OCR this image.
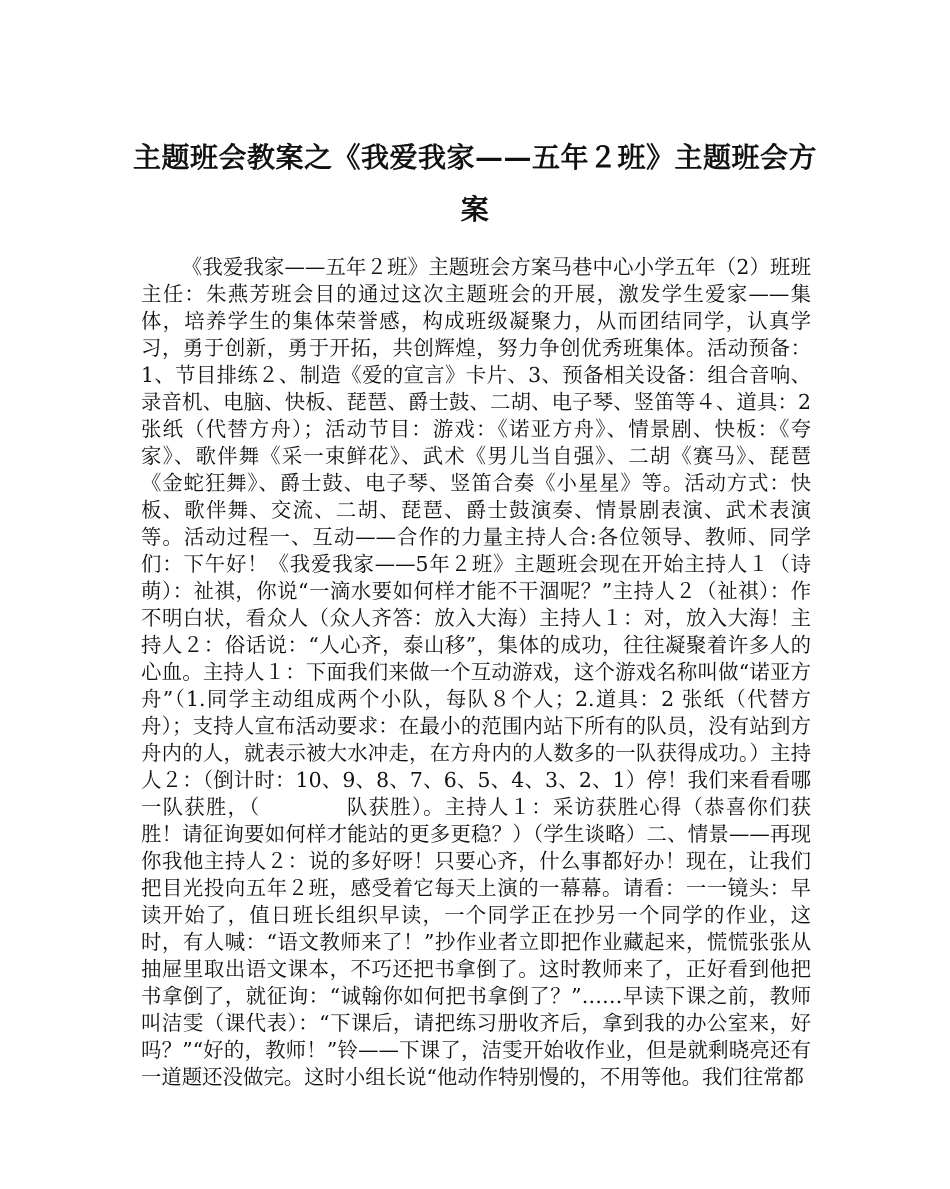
主题班会教案之《我爱我家——五年２班》主题班会方案

《我爱我家——五年２班》主题班会方案马巷中心小学五年（2）班班主任：朱燕芳班会目的通过这次主题班会的开展，激发学生爱家——集体，培养学生的集体荣誉感，构成班级凝聚力，从而团结同学，认真学习，勇于创新，勇于开拓，共创辉煌，努力争创优秀班集体。活动预备：1、节目排练２、制造《爱的宣言》卡片、3、预备相关设备：组合音响、录音机、电脑、快板、琵琶、爵士鼓、二胡、电子琴、竖笛等４、道具：2张纸（代替方舟）；活动节目：游戏：《诺亚方舟》、情景剧、快板：《夸家》、歌伴舞《采一束鲜花》、武术《男儿当自强》、二胡《赛马》、琵琶《金蛇狂舞》、爵士鼓、电子琴、竖笛合奏《小星星》等。活动方式：快板、歌伴舞、交流、二胡、琵琶、爵士鼓演奏、情景剧表演、武术表演等。活动过程一、互动——合作的力量主持人合:各位领导、教师、同学们：下午好！《我爱我家——5年２班》主题班会现在开始主持人１（诗萌）：祉祺，你说“一滴水要如何样才能不干涸呢？”主持人２（祉祺）：作不明白状，看众人（众人齐答：放入大海）主持人１：对，放入大海！主持人２：俗话说：“人心齐，泰山移”，集体的成功，往往凝聚着许多人的心血。主持人１：下面我们来做一个互动游戏，这个游戏名称叫做“诺亚方舟”（1.同学主动组成两个小队，每队８个人；2.道具：2 张纸（代替方舟）；支持人宣布活动要求：在最小的范围内站下所有的队员，没有站到方舟内的人，就表示被大水冲走，在方舟内的人数多的一队获得成功。）主持人２：（倒计时：10、9、8、7、6、5、4、3、2、1）停！我们来看看哪一队获胜，（　　　　队获胜）。主持人１：采访获胜心得（恭喜你们获胜！请征询要如何样才能站的更多更稳？）（学生谈略）二、情景——再现你我他主持人２：说的多好呀！只要心齐，什么事都好办！现在，让我们把目光投向五年２班，感受着它每天上演的一幕幕。请看：一一镜头：早读开始了，值日班长组织早读，一个同学正在抄另一个同学的作业，这时，有人喊：“语文教师来了！”抄作业者立即把作业藏起来，慌慌张张从抽屉里取出语文课本，不巧还把书拿倒了。这时教师来了，正好看到他把书拿倒了，就征询：“诚翰你如何把书拿倒了？”……早读下课之前，教师叫洁雯（课代表）：“下课后，请把练习册收齐后，拿到我的办公室来，好吗？”“好的，教师！”铃——下课了，洁雯开始收作业，但是就剩晓亮还有一道题还没做完。这时小组长说“他动作特别慢的，不用等他。我们往常都
